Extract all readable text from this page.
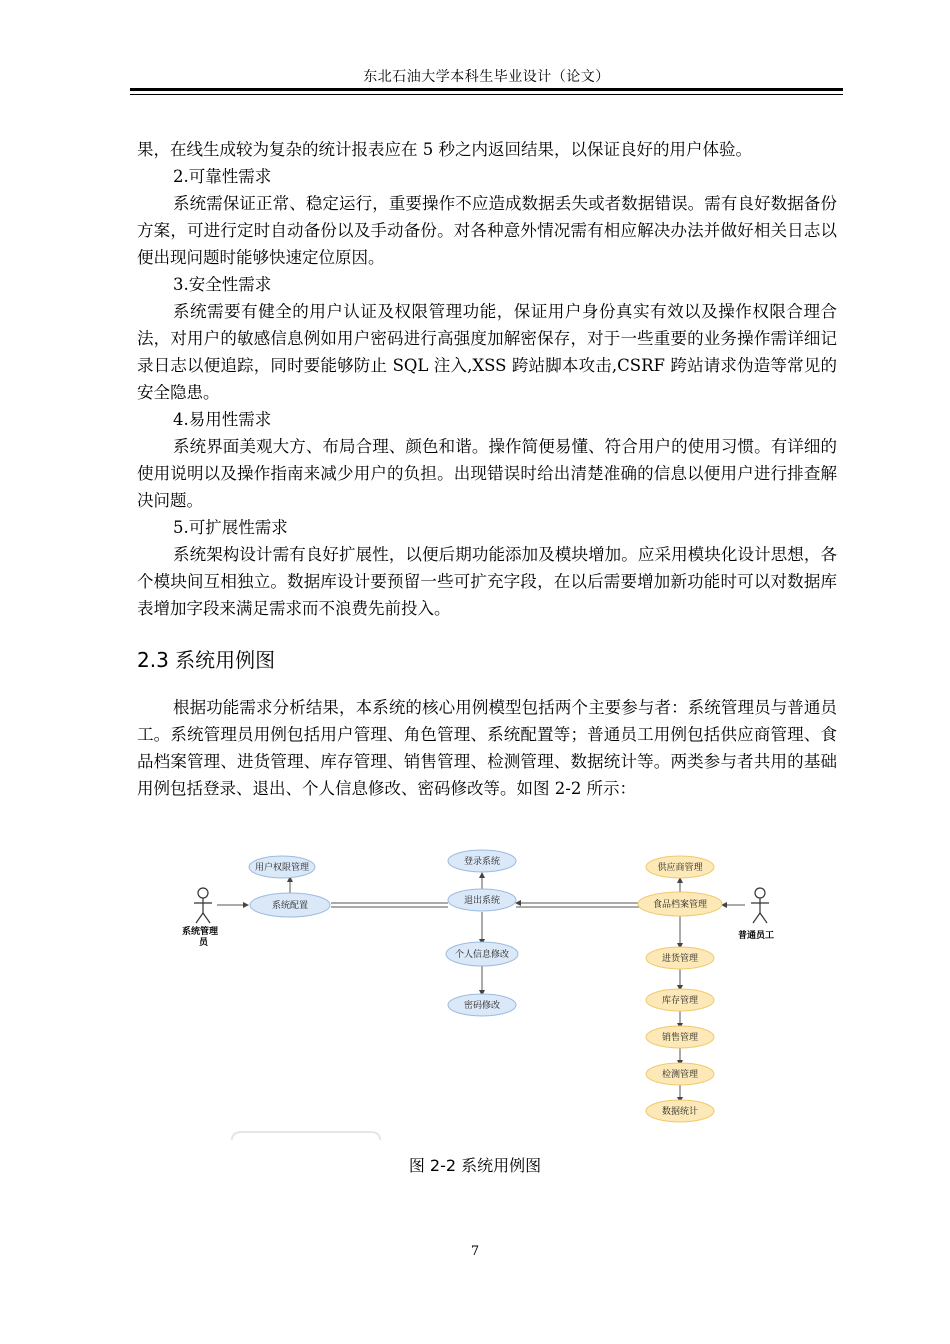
东北石油大学本科生毕业设计（论文）

果，在线生成较为复杂的统计报表应在 5 秒之内返回结果，以保证良好的用户体验。

2.可靠性需求

系统需保证正常、稳定运行，重要操作不应造成数据丢失或者数据错误。需有良好数据备份方案，可进行定时自动备份以及手动备份。对各种意外情况需有相应解决办法并做好相关日志以便出现问题时能够快速定位原因。

3.安全性需求

系统需要有健全的用户认证及权限管理功能，保证用户身份真实有效以及操作权限合理合法，对用户的敏感信息例如用户密码进行高强度加解密保存，对于一些重要的业务操作需详细记录日志以便追踪，同时要能够防止 SQL 注入,XSS 跨站脚本攻击,CSRF 跨站请求伪造等常见的安全隐患。

4.易用性需求

系统界面美观大方、布局合理、颜色和谐。操作简便易懂、符合用户的使用习惯。有详细的使用说明以及操作指南来减少用户的负担。出现错误时给出清楚准确的信息以便用户进行排查解决问题。

5.可扩展性需求

系统架构设计需有良好扩展性，以便后期功能添加及模块增加。应采用模块化设计思想，各个模块间互相独立。数据库设计要预留一些可扩充字段，在以后需要增加新功能时可以对数据库表增加字段来满足需求而不浪费先前投入。

2.3 系统用例图

根据功能需求分析结果，本系统的核心用例模型包括两个主要参与者：系统管理员与普通员工。系统管理员用例包括用户管理、角色管理、系统配置等；普通员工用例包括供应商管理、食品档案管理、进货管理、库存管理、销售管理、检测管理、数据统计等。两类参与者共用的基础用例包括登录、退出、个人信息修改、密码修改等。如图 2-2 所示：

系统管理
员
普通员工
用户权限管理
系统配置
登录系统
退出系统
个人信息修改
密码修改
供应商管理
食品档案管理
进货管理
库存管理
销售管理
检测管理
数据统计
图 2-2 系统用例图
7
